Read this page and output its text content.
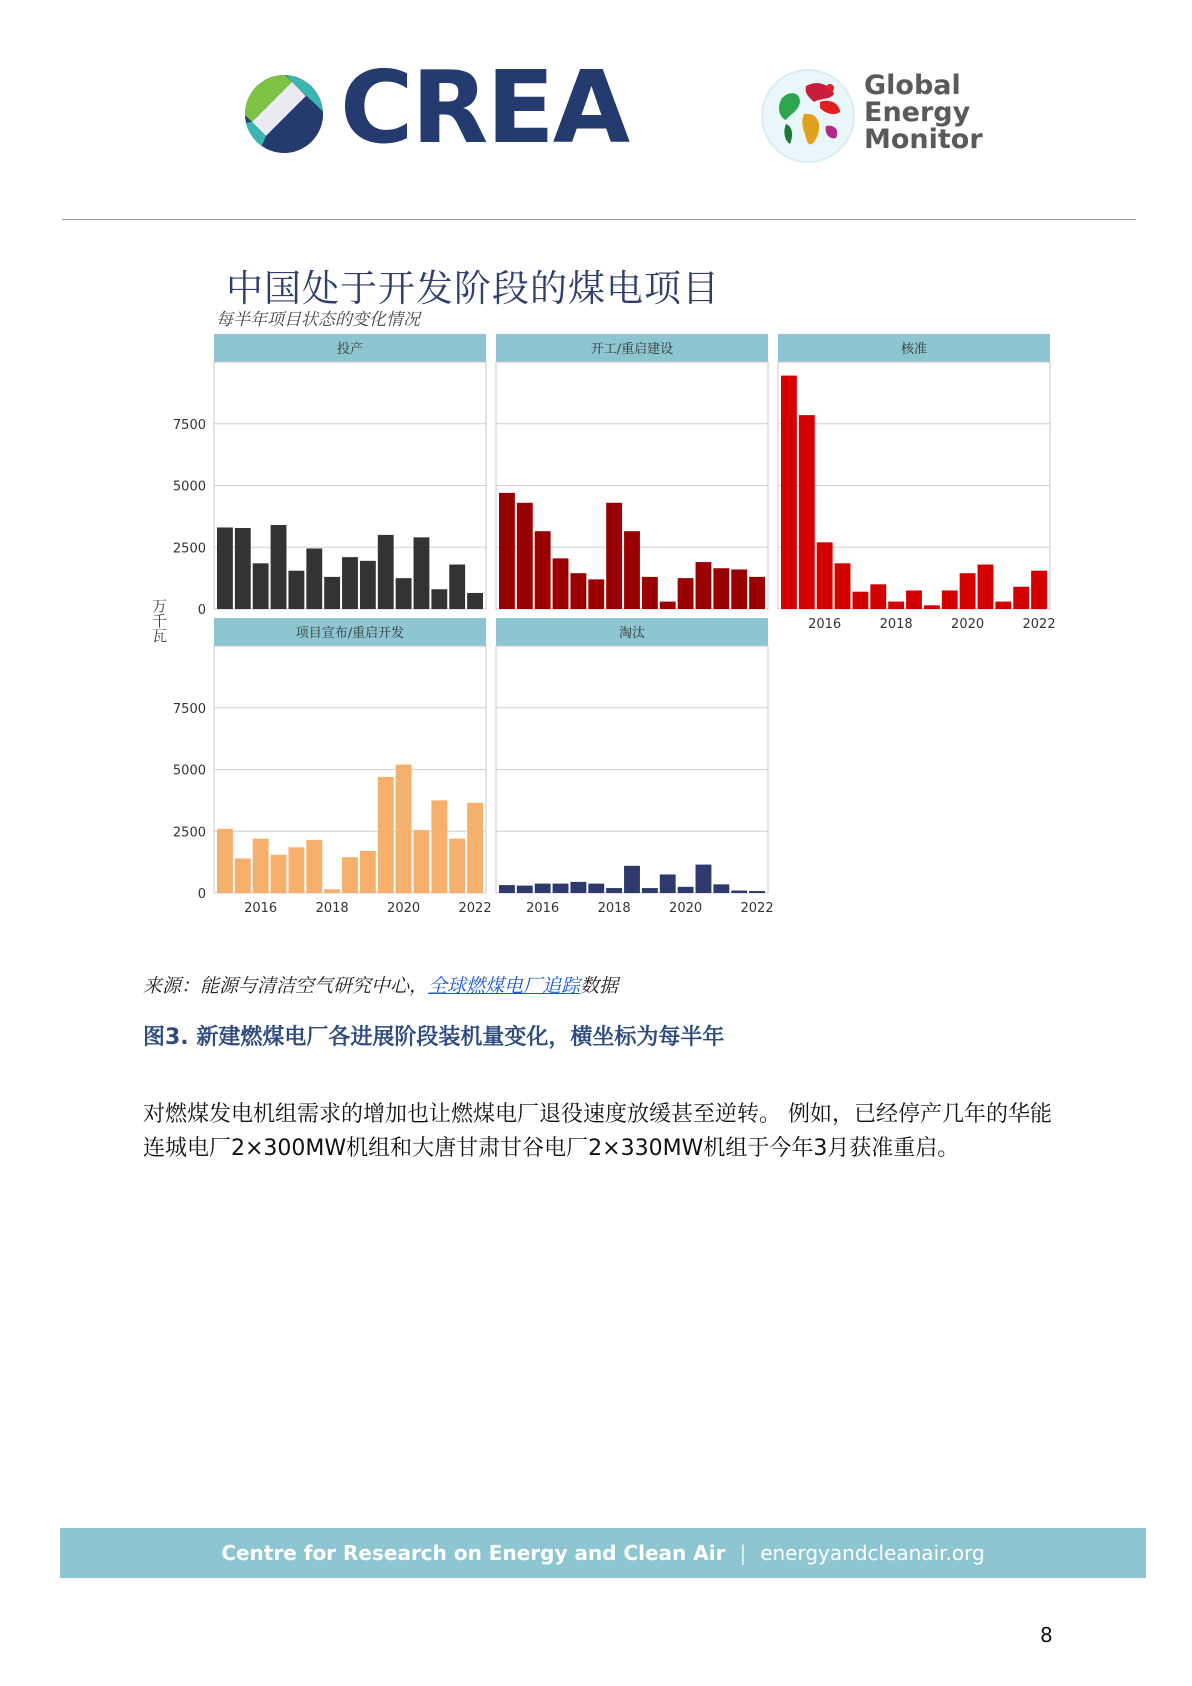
CREA	Global
Energy
Monitor
中国处于开发阶段的煤电项目
每半年项目状态的变化情况
万千瓦
投产
0
2500
5000
7500
开工/重启建设	核准
2016	2018	2020	2022
项目宣布/重启开发
0
2500
5000
7500
2016	2018	2020	2022
淘汰
2016	2018	2020	2022
来源：能源与清洁空气研究中心，全球燃煤电厂追踪数据
图3. 新建燃煤电厂各进展阶段装机量变化，横坐标为每半年
对燃煤发电机组需求的增加也让燃煤电厂退役速度放缓甚至逆转。 例如，已经停产几年的华能连城电厂2×300MW机组和大唐甘肃甘谷电厂2×330MW机组于今年3月获准重启。
Centre for Research on Energy and Clean Air | energyandcleanair.org
8
